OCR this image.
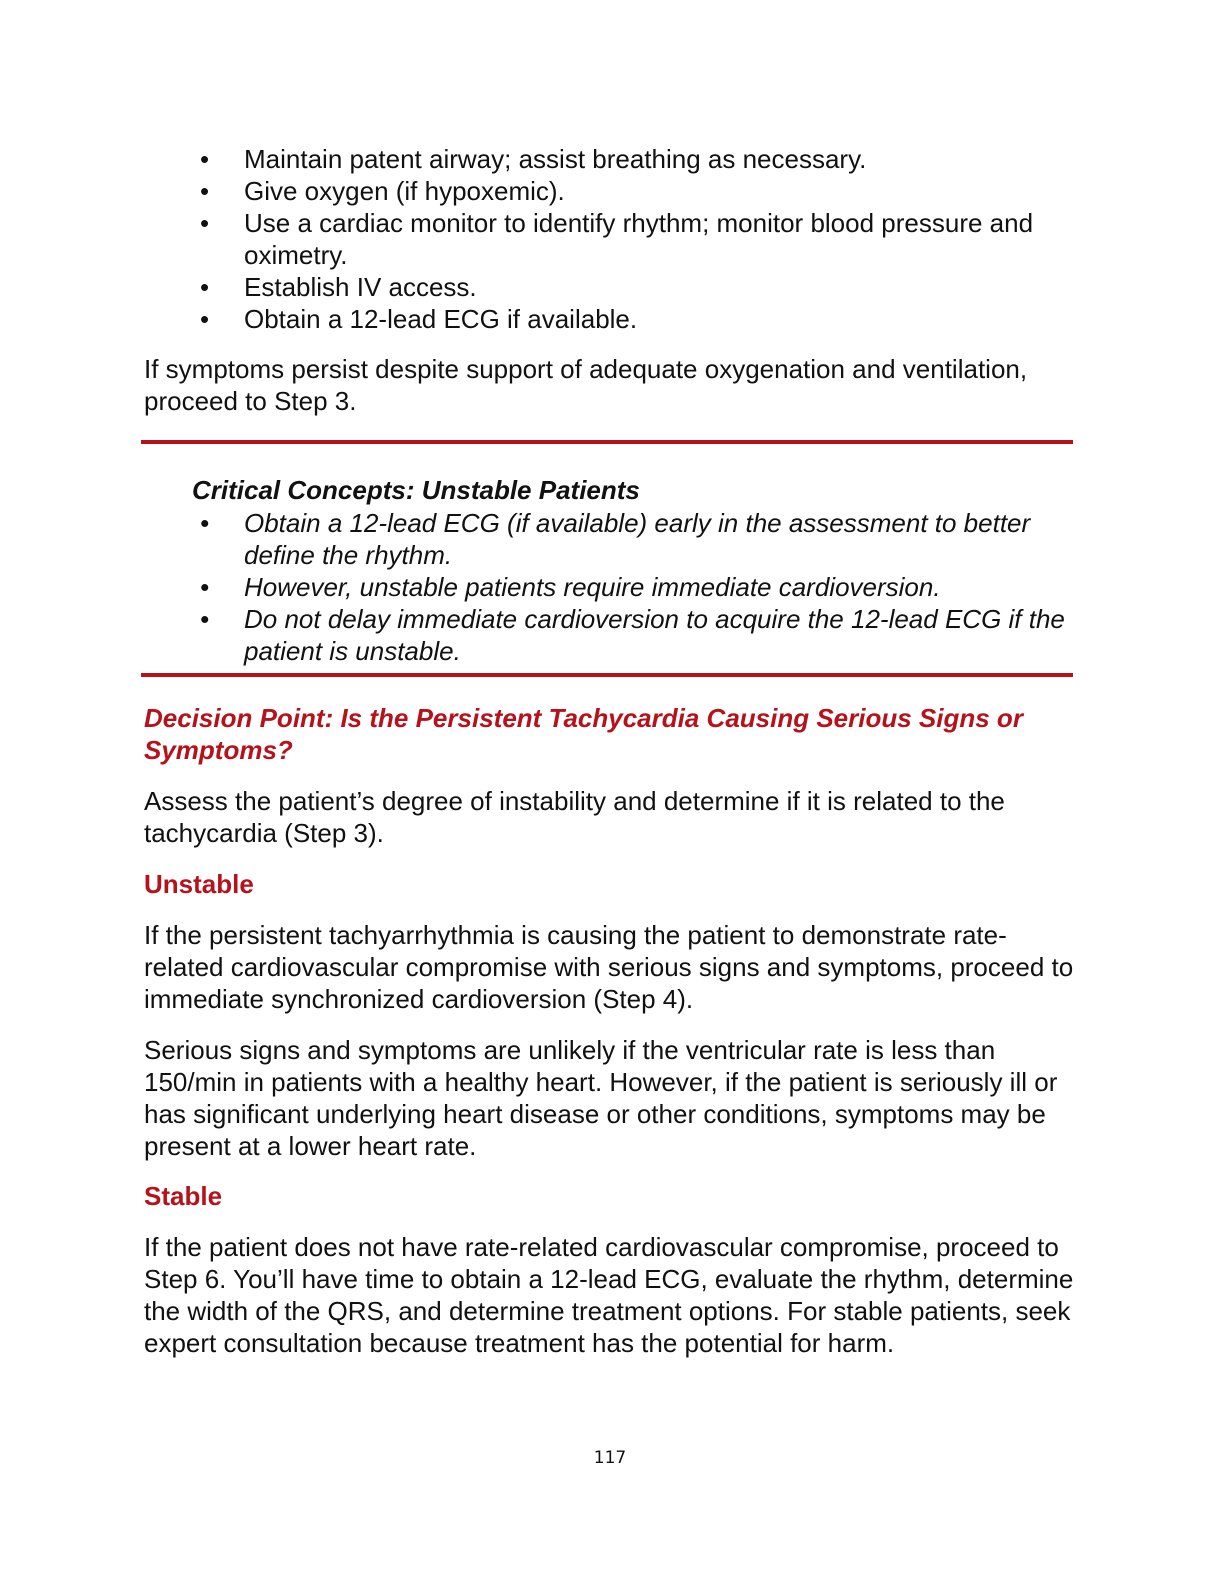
• Maintain patent airway; assist breathing as necessary.
• Give oxygen (if hypoxemic).
• Use a cardiac monitor to identify rhythm; monitor blood pressure and oximetry.
• Establish IV access.
• Obtain a 12-lead ECG if available.

If symptoms persist despite support of adequate oxygenation and ventilation, proceed to Step 3.

Critical Concepts: Unstable Patients

• Obtain a 12-lead ECG (if available) early in the assessment to better define the rhythm.
• However, unstable patients require immediate cardioversion.
• Do not delay immediate cardioversion to acquire the 12-lead ECG if the patient is unstable.
Decision Point: Is the Persistent Tachycardia Causing Serious Signs or Symptoms?

Assess the patient’s degree of instability and determine if it is related to the tachycardia (Step 3).

Unstable

If the persistent tachyarrhythmia is causing the patient to demonstrate rate-related cardiovascular compromise with serious signs and symptoms, proceed to immediate synchronized cardioversion (Step 4).

Serious signs and symptoms are unlikely if the ventricular rate is less than 150/min in patients with a healthy heart. However, if the patient is seriously ill or has significant underlying heart disease or other conditions, symptoms may be present at a lower heart rate.

Stable

If the patient does not have rate-related cardiovascular compromise, proceed to Step 6. You’ll have time to obtain a 12-lead ECG, evaluate the rhythm, determine the width of the QRS, and determine treatment options. For stable patients, seek expert consultation because treatment has the potential for harm.

117
